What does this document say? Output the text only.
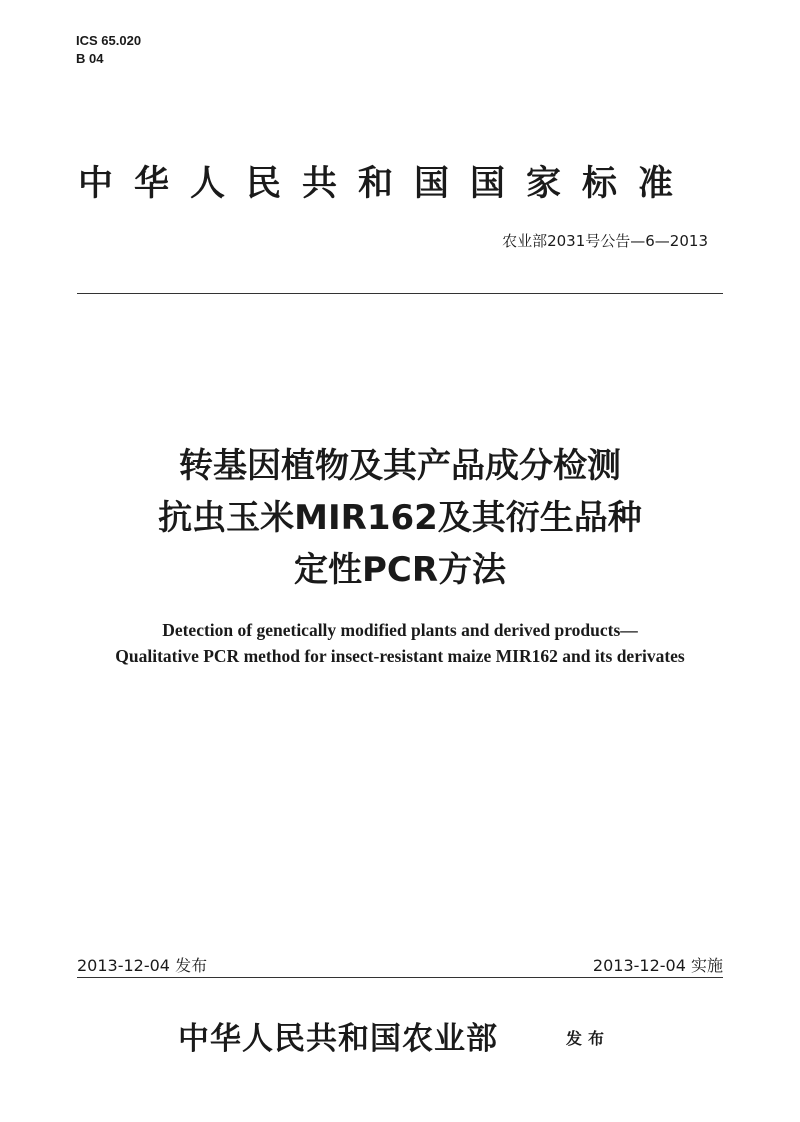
ICS 65.020
B 04
中华人民共和国国家标准
农业部2031号公告—6—2013
转基因植物及其产品成分检测
抗虫玉米MIR162及其衍生品种
定性PCR方法
Detection of genetically modified plants and derived products—
Qualitative PCR method for insect-resistant maize MIR162 and its derivates
2013-12-04 发布	2013-12-04 实施
中华人民共和国农业部	发布
